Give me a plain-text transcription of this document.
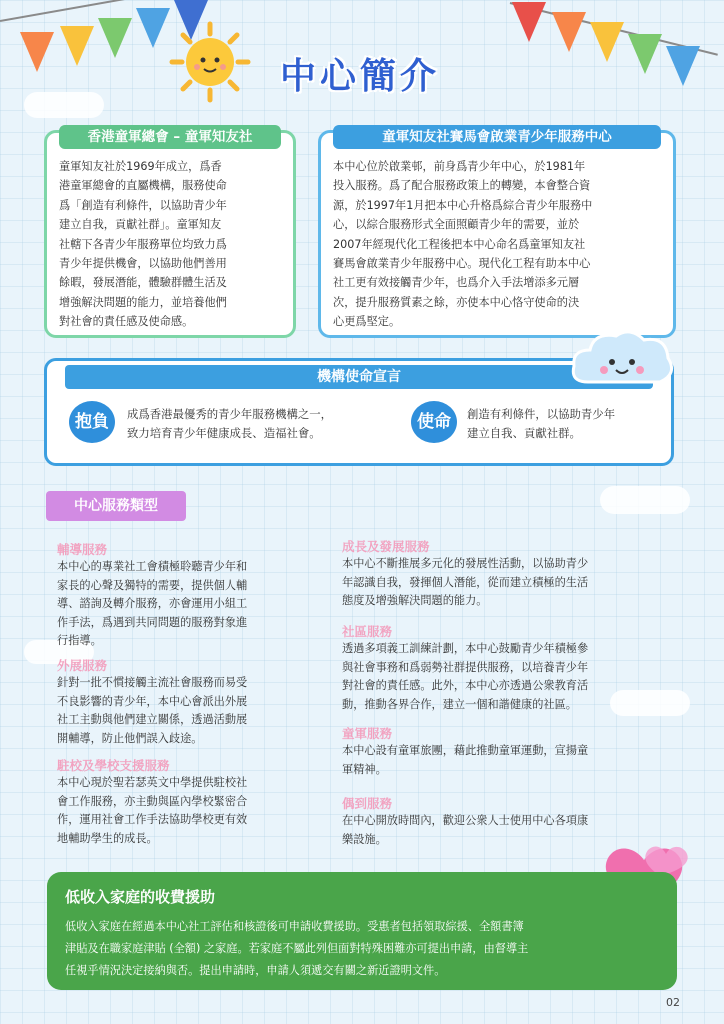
中心簡介
香港童軍總會 – 童軍知友社
童軍知友社於1969年成立，爲香
港童軍總會的直屬機構，服務使命
爲「創造有利條件，以協助青少年
建立自我，貢獻社群」。童軍知友
社轄下各青少年服務單位均致力爲
青少年提供機會，以協助他們善用
餘暇，發展潛能，體驗群體生活及
增強解決問題的能力，並培養他們
對社會的責任感及使命感。
童軍知友社賽馬會啟業青少年服務中心
本中心位於啟業邨，前身爲青少年中心，於1981年
投入服務。爲了配合服務政策上的轉變，本會整合資
源，於1997年1月把本中心升格爲綜合青少年服務中
心，以綜合服務形式全面照顧青少年的需要，並於
2007年經現代化工程後把本中心命名爲童軍知友社
賽馬會啟業青少年服務中心。現代化工程有助本中心
社工更有效接觸青少年，也爲介入手法增添多元層
次，提升服務質素之餘，亦使本中心恪守使命的決
心更爲堅定。
機構使命宣言
抱負	成爲香港最優秀的青少年服務機構之一，
致力培育青少年健康成長、造福社會。
使命	創造有利條件，以協助青少年
建立自我、貢獻社群。
中心服務類型
輔導服務
本中心的專業社工會積極聆聽青少年和
家長的心聲及獨特的需要，提供個人輔
導、諮詢及轉介服務，亦會運用小組工
作手法，爲遇到共同問題的服務對象進
行指導。
外展服務
針對一批不慣接觸主流社會服務而易受
不良影響的青少年，本中心會派出外展
社工主動與他們建立關係，透過活動展
開輔導，防止他們誤入歧途。
駐校及學校支援服務
本中心現於聖若瑟英文中學提供駐校社
會工作服務，亦主動與區內學校緊密合
作，運用社會工作手法協助學校更有效
地輔助學生的成長。
成長及發展服務
本中心不斷推展多元化的發展性活動，以協助青少
年認識自我，發揮個人潛能，從而建立積極的生活
態度及增強解決問題的能力。
社區服務
透過多項義工訓練計劃，本中心鼓勵青少年積極參
與社會事務和爲弱勢社群提供服務，以培養青少年
對社會的責任感。此外，本中心亦透過公衆教育活
動，推動各界合作，建立一個和諧健康的社區。
童軍服務
本中心設有童軍旅團，藉此推動童軍運動，宣揚童
軍精神。
偶到服務
在中心開放時間內，歡迎公衆人士使用中心各項康
樂設施。
低收入家庭的收費援助

低收入家庭在經過本中心社工評估和核證後可申請收費援助。受惠者包括領取綜援、全額書簿
津貼及在職家庭津貼 (全額) 之家庭。若家庭不屬此列但面對特殊困難亦可提出申請，由督導主
任視乎情況決定接納與否。提出申請時，申請人須遞交有關之新近證明文件。

02
